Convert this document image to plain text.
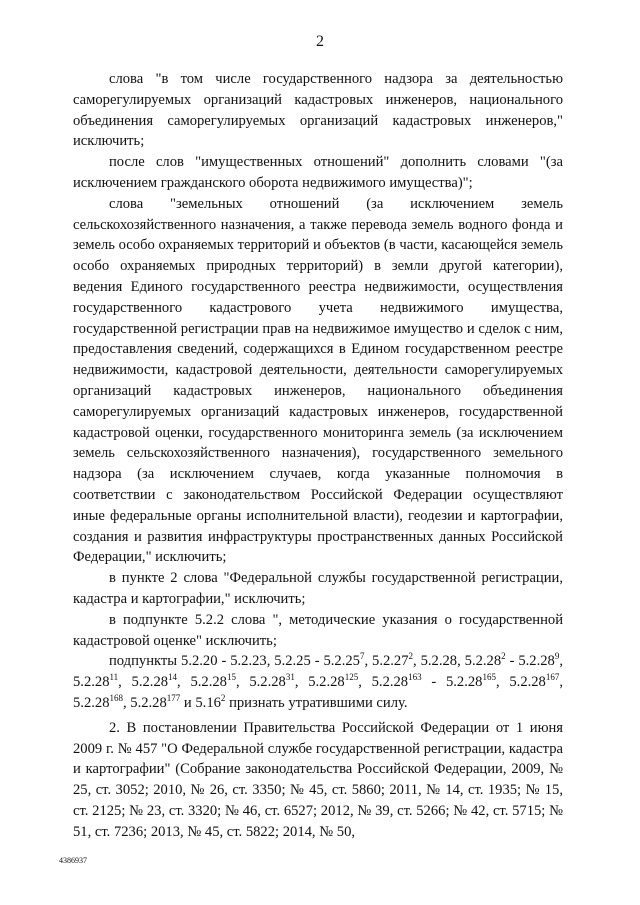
2

слова "в том числе государственного надзора за деятельностью саморегулируемых организаций кадастровых инженеров, национального объединения саморегулируемых организаций кадастровых инженеров," исключить;

после слов "имущественных отношений" дополнить словами "(за исключением гражданского оборота недвижимого имущества)";

слова "земельных отношений (за исключением земель сельскохозяйственного назначения, а также перевода земель водного фонда и земель особо охраняемых территорий и объектов (в части, касающейся земель особо охраняемых природных территорий) в земли другой категории), ведения Единого государственного реестра недвижимости, осуществления государственного кадастрового учета недвижимого имущества, государственной регистрации прав на недвижимое имущество и сделок с ним, предоставления сведений, содержащихся в Едином государственном реестре недвижимости, кадастровой деятельности, деятельности саморегулируемых организаций кадастровых инженеров, национального объединения саморегулируемых организаций кадастровых инженеров, государственной кадастровой оценки, государственного мониторинга земель (за исключением земель сельскохозяйственного назначения), государственного земельного надзора (за исключением случаев, когда указанные полномочия в соответствии с законодательством Российской Федерации осуществляют иные федеральные органы исполнительной власти), геодезии и картографии, создания и развития инфраструктуры пространственных данных Российской Федерации," исключить;

в пункте 2 слова "Федеральной службы государственной регистрации, кадастра и картографии," исключить;

в подпункте 5.2.2 слова ", методические указания о государственной кадастровой оценке" исключить;

подпункты 5.2.20 - 5.2.23, 5.2.25 - 5.2.25$^7$, 5.2.27$^2$, 5.2.28, 5.2.28$^2$ - 5.2.28$^9$, 5.2.28$^{11}$, 5.2.28$^{14}$, 5.2.28$^{15}$, 5.2.28$^{31}$, 5.2.28$^{125}$, 5.2.28$^{163}$ - 5.2.28$^{165}$, 5.2.28$^{167}$, 5.2.28$^{168}$, 5.2.28$^{177}$ и 5.16$^2$ признать утратившими силу.

2. В постановлении Правительства Российской Федерации от 1 июня 2009 г. № 457 "О Федеральной службе государственной регистрации, кадастра и картографии" (Собрание законодательства Российской Федерации, 2009, № 25, ст. 3052; 2010, № 26, ст. 3350; № 45, ст. 5860; 2011, № 14, ст. 1935; № 15, ст. 2125; № 23, ст. 3320; № 46, ст. 6527; 2012, № 39, ст. 5266; № 42, ст. 5715; № 51, ст. 7236; 2013, № 45, ст. 5822; 2014, № 50,

4386937
